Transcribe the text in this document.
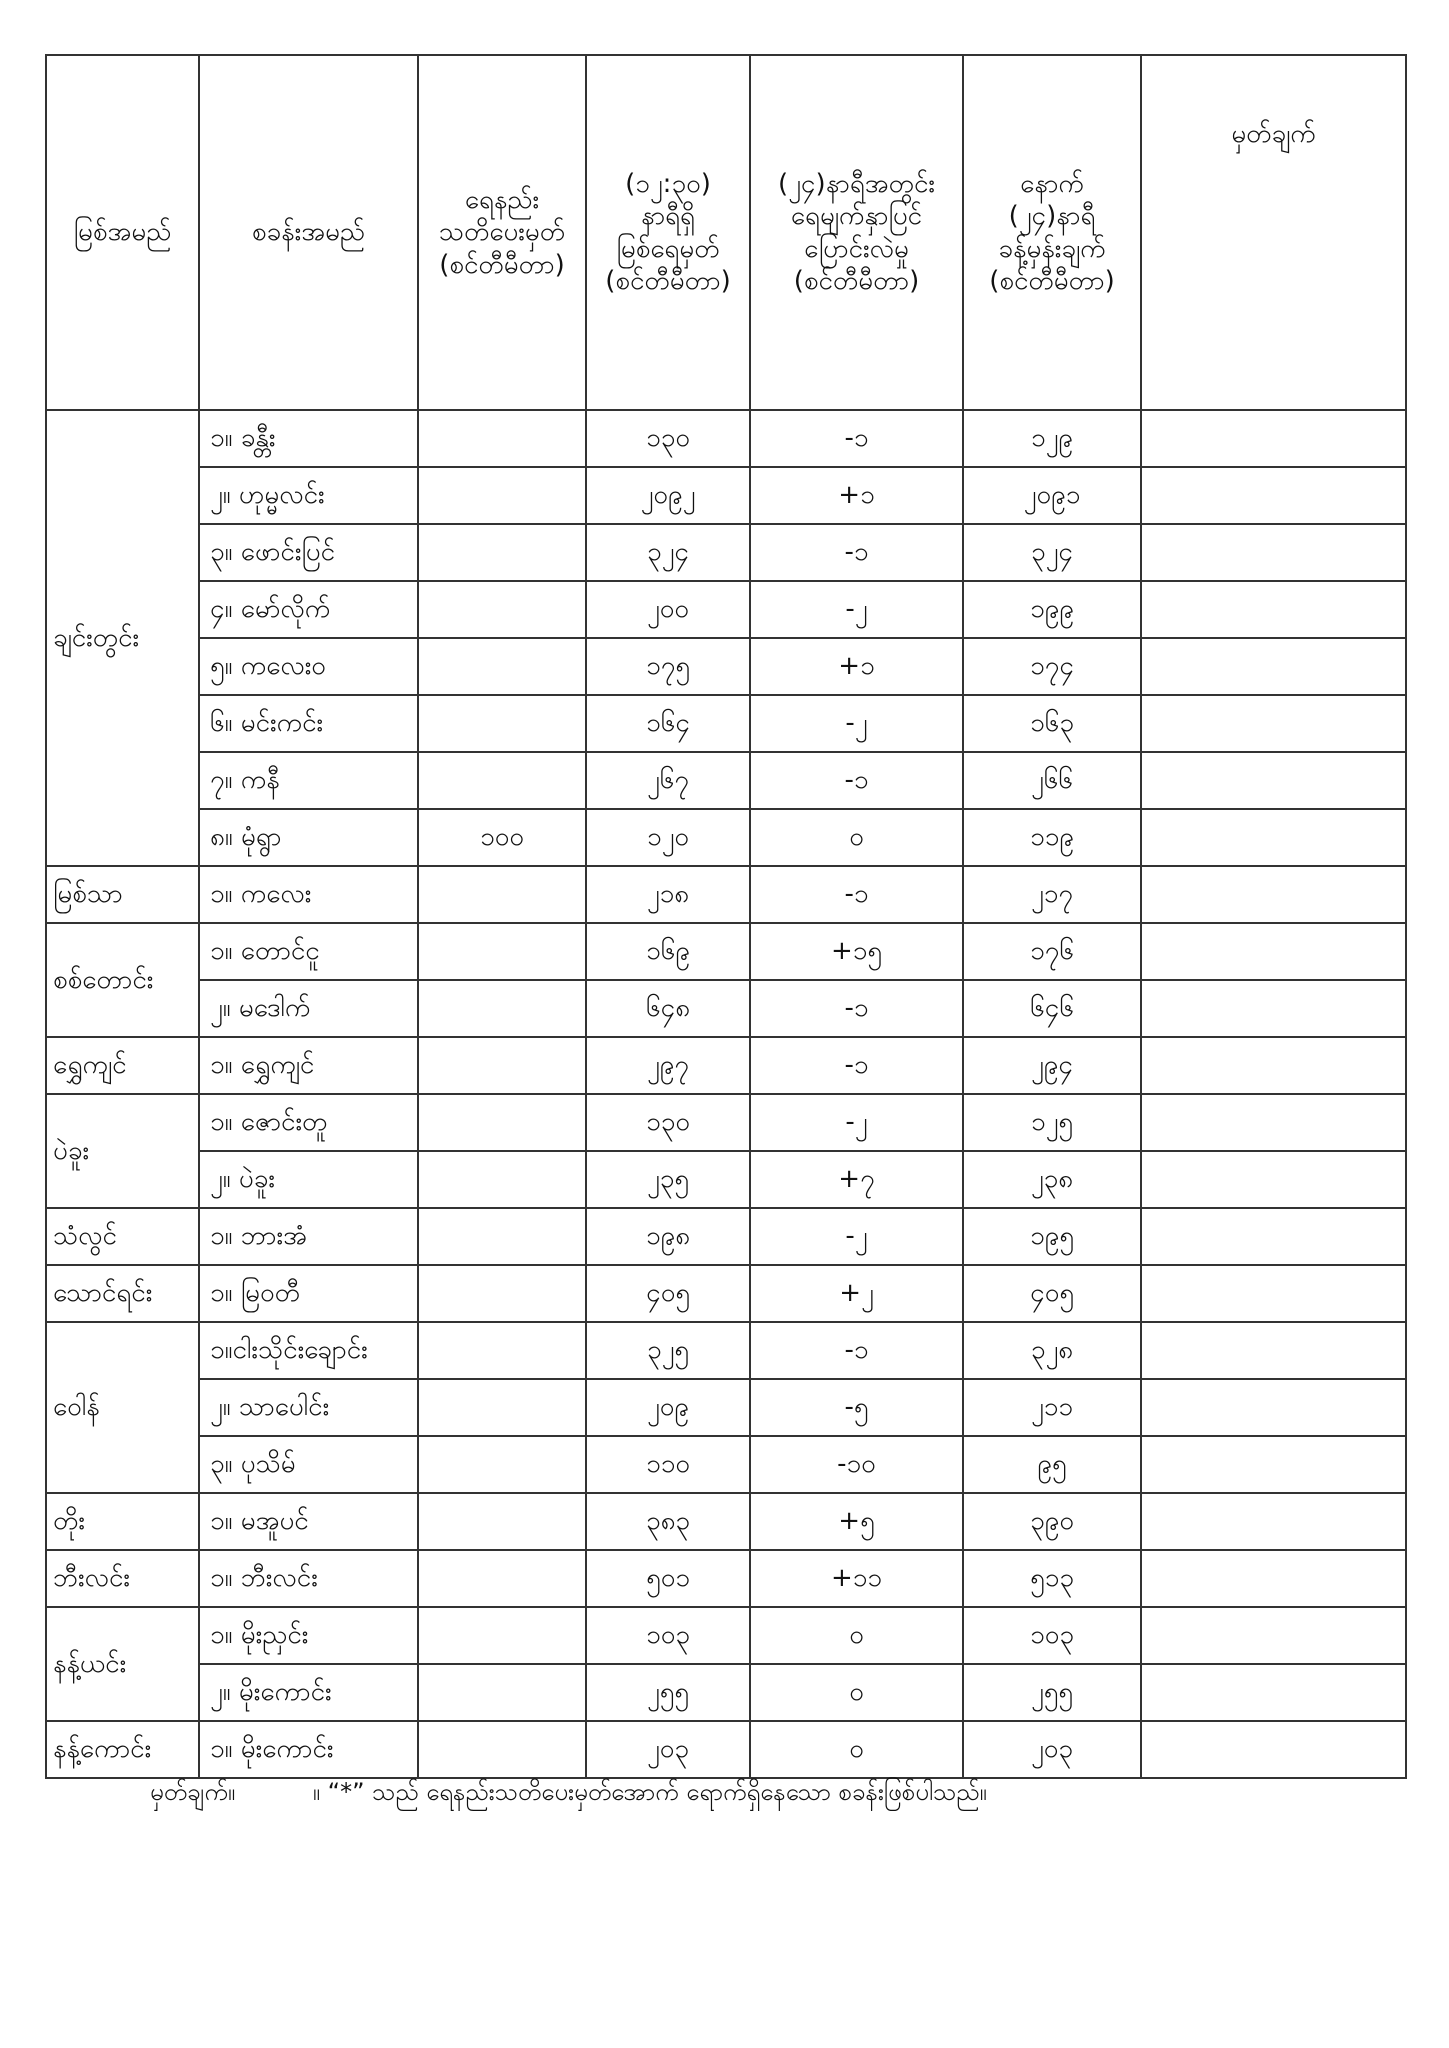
မြစ်အမည်	စခန်းအမည်	ရေနည်း
သတိပေးမှတ်
(စင်တီမီတာ)	(၁၂:၃၀)
နာရီရှိ
မြစ်ရေမှတ်
(စင်တီမီတာ)	(၂၄)နာရီအတွင်း
ရေမျက်နှာပြင်
ပြောင်းလဲမှု
(စင်တီမီတာ)	နောက်
(၂၄)နာရီ
ခန့်မှန်းချက်
(စင်တီမီတာ)	မှတ်ချက်
ချင်းတွင်း	၁။ ခန္တီး		၁၃၀	-၁	၁၂၉	
	၂။ ဟုမ္မလင်း		၂၀၉၂	+၁	၂၀၉၁	
	၃။ ဖောင်းပြင်		၃၂၄	-၁	၃၂၄	
	၄။ မော်လိုက်		၂၀၀	-၂	၁၉၉	
	၅။ ကလေးဝ		၁၇၅	+၁	၁၇၄	
	၆။ မင်းကင်း		၁၆၄	-၂	၁၆၃	
	၇။ ကနီ		၂၆၇	-၁	၂၆၆	
	၈။ မုံရွာ	၁၀၀	၁၂၀	၀	၁၁၉	
မြစ်သာ	၁။ ကလေး		၂၁၈	-၁	၂၁၇	
စစ်တောင်း	၁။ တောင်ငူ		၁၆၉	+၁၅	၁၇၆	
	၂။ မဒေါက်		၆၄၈	-၁	၆၄၆	
ရွှေကျင်	၁။ ရွှေကျင်		၂၉၇	-၁	၂၉၄	
ပဲခူး	၁။ ဇောင်းတူ		၁၃၀	-၂	၁၂၅	
	၂။ ပဲခူး		၂၃၅	+၇	၂၃၈	
သံလွင်	၁။ ဘားအံ		၁၉၈	-၂	၁၉၅	
သောင်ရင်း	၁။ မြဝတီ		၄၀၅	+၂	၄၀၅	
ဝေါန်	၁။ငါးသိုင်းချောင်း		၃၂၅	-၁	၃၂၈	
	၂။ သာပေါင်း		၂၀၉	-၅	၂၁၁	
	၃။ ပုသိမ်		၁၁၀	-၁၀	၉၅	
တိုး	၁။ မအူပင်		၃၈၃	+၅	၃၉၀	
ဘီးလင်း	၁။ ဘီးလင်း		၅၀၁	+၁၁	၅၁၃	
နန့်ယင်း	၁။ မိုးညှင်း		၁၀၃	၀	၁၀၃	
	၂။ မိုးကောင်း		၂၅၅	၀	၂၅၅	
နန့်ကောင်း	၁။ မိုးကောင်း		၂၀၃	၀	၂၀၃	
မှတ်ချက်။	။ “*” သည် ရေနည်းသတိပေးမှတ်အောက် ရောက်ရှိနေသော စခန်းဖြစ်ပါသည်။
